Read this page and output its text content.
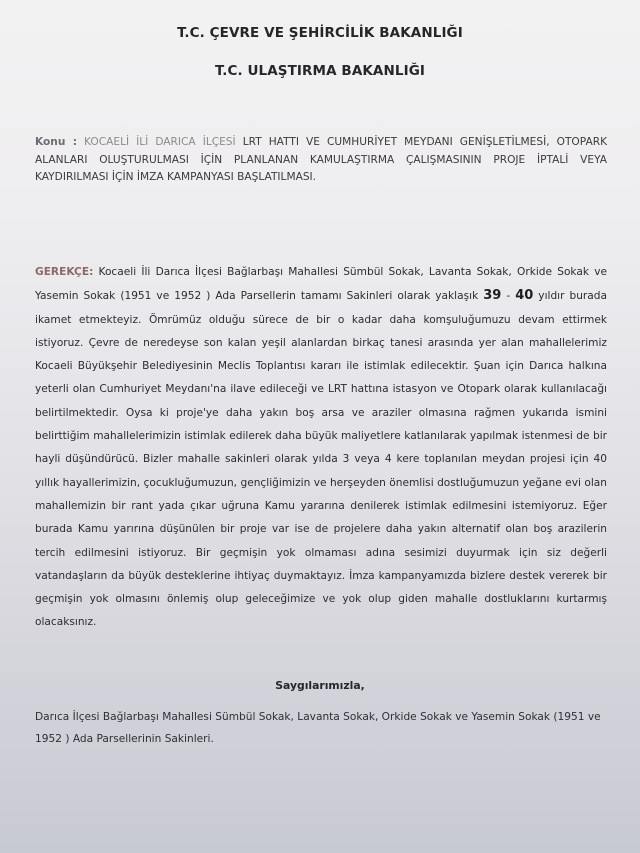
T.C. ÇEVRE VE ŞEHİRCİLİK BAKANLIĞI
T.C. ULAŞTIRMA BAKANLIĞI
Konu : KOCAELİ İLİ DARICA İLÇESİ LRT HATTI VE CUMHURİYET MEYDANI GENİŞLETİLMESİ, OTOPARK ALANLARI OLUŞTURULMASI İÇİN PLANLANAN KAMULAŞTIRMA ÇALIŞMASININ PROJE İPTALİ VEYA KAYDIRILMASI İÇİN İMZA KAMPANYASI BAŞLATILMASI.
GEREKÇE: Kocaeli İli Darıca İlçesi Bağlarbaşı Mahallesi Sümbül Sokak, Lavanta Sokak, Orkide Sokak ve Yasemin Sokak (1951 ve 1952 ) Ada Parsellerin tamamı Sakinleri olarak yaklaşık 39 - 40 yıldır burada ikamet etmekteyiz. Ömrümüz olduğu sürece de bir o kadar daha komşuluğumuzu devam ettirmek istiyoruz. Çevre de neredeyse son kalan yeşil alanlardan birkaç tanesi arasında yer alan mahallelerimiz Kocaeli Büyükşehir Belediyesinin Meclis Toplantısı kararı ile istimlak edilecektir. Şuan için Darıca halkına yeterli olan Cumhuriyet Meydanı'na ilave edileceği ve LRT hattına istasyon ve Otopark olarak kullanılacağı belirtilmektedir. Oysa ki proje'ye daha yakın boş arsa ve araziler olmasına rağmen yukarıda ismini belirttiğim mahallelerimizin istimlak edilerek daha büyük maliyetlere katlanılarak yapılmak istenmesi de bir hayli düşündürücü. Bizler mahalle sakinleri olarak yılda 3 veya 4 kere toplanılan meydan projesi için 40 yıllık hayallerimizin, çocukluğumuzun, gençliğimizin ve herşeyden önemlisi dostluğumuzun yeğane evi olan mahallemizin bir rant yada çıkar uğruna Kamu yararına denilerek istimlak edilmesini istemiyoruz. Eğer burada Kamu yarırına düşünülen bir proje var ise de projelere daha yakın alternatif olan boş arazilerin tercih edilmesini istiyoruz. Bir geçmişin yok olmaması adına sesimizi duyurmak için siz değerli vatandaşların da büyük desteklerine ihtiyaç duymaktayız. İmza kampanyamızda bizlere destek vererek bir geçmişin yok olmasını önlemiş olup geleceğimize ve yok olup giden mahalle dostluklarını kurtarmış olacaksınız.
Saygılarımızla,
Darıca İlçesi Bağlarbaşı Mahallesi Sümbül Sokak, Lavanta Sokak, Orkide Sokak ve Yasemin Sokak (1951 ve 1952 ) Ada Parsellerinin Sakinleri.
